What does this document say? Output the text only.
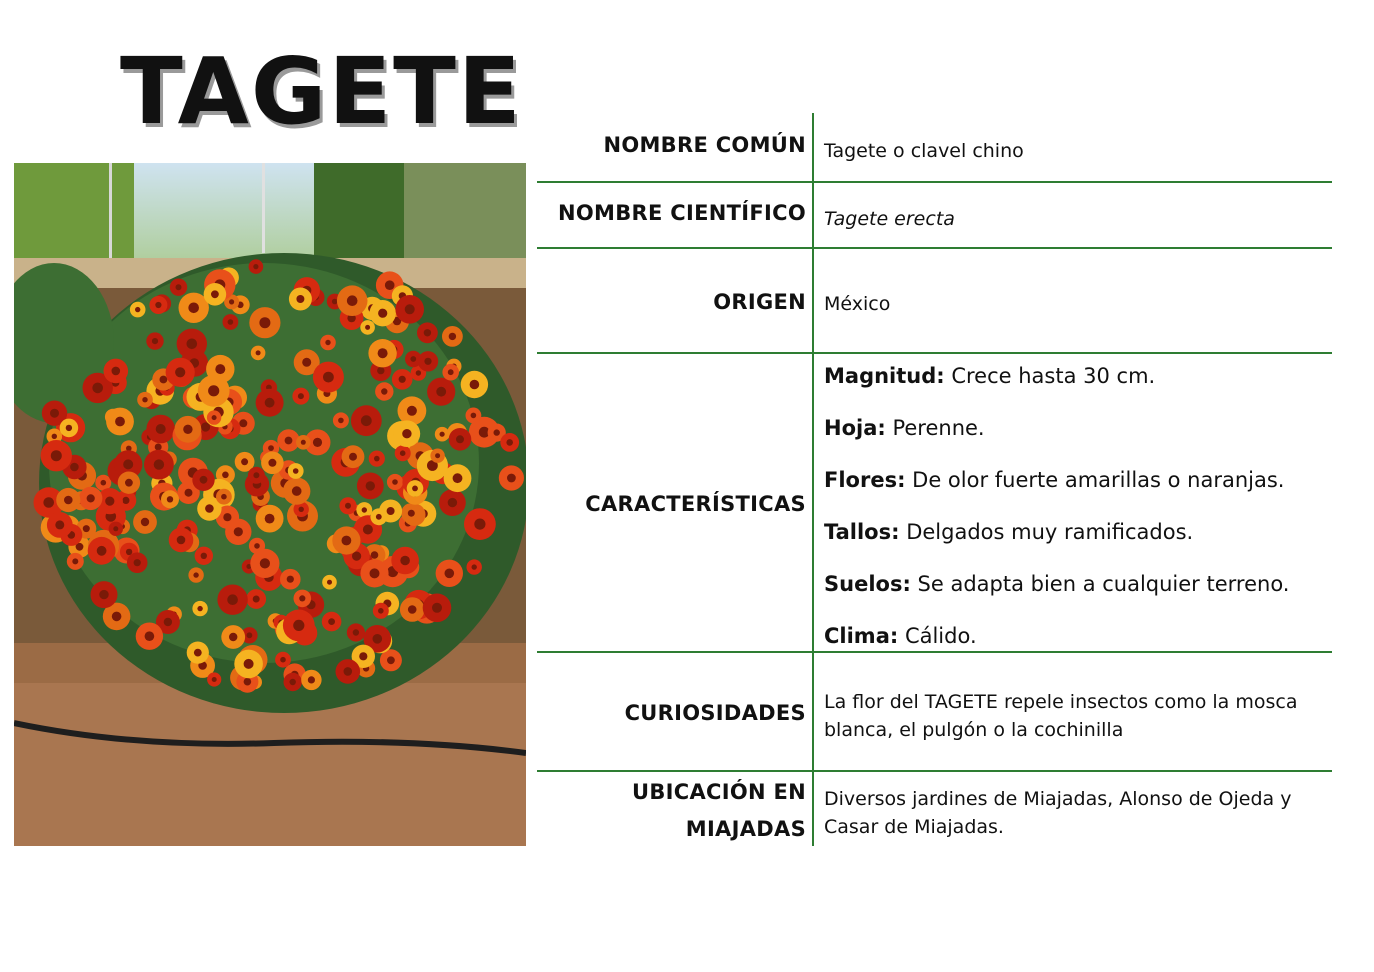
TAGETE	NOMBRE COMÚN Tagete o clavel chino
NOMBRE CIENTÍFICO Tagete erecta
ORIGEN México
CARACTERÍSTICAS
Magnitud: Crece hasta 30 cm.
Hoja: Perenne.
Flores: De olor fuerte amarillas o naranjas.
Tallos: Delgados muy ramificados.
Suelos: Se adapta bien a cualquier terreno.
Clima: Cálido.
CURIOSIDADES La flor del TAGETE repele insectos como la mosca blanca, el pulgón o la cochinilla
UBICACIÓN EN
MIAJADAS
Diversos jardines de Miajadas, Alonso de Ojeda y Casar de Miajadas.
